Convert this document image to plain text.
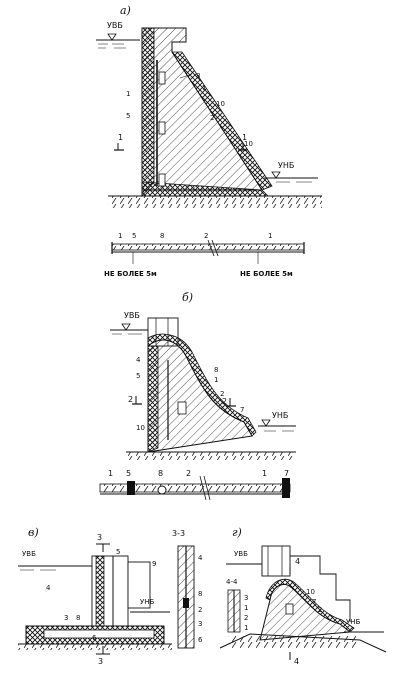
а)
УВБ
УНБ
1	1
8
1
1
5
10
2
10
1 5	8	2	1
НЕ БОЛЕЕ 5м	НЕ БОЛЕЕ 5м
б)
УВБ
УНБ
2	2
4
5
8
1
2
7
10
1 5	8	2	1 7
в)	3
УВБ
УНБ
3
5
9
4
3 8
6
3-3
4
8
2
3
6
г)
УВБ
4
УНБ
4
4-4
3
1
2
1
10
7
2
